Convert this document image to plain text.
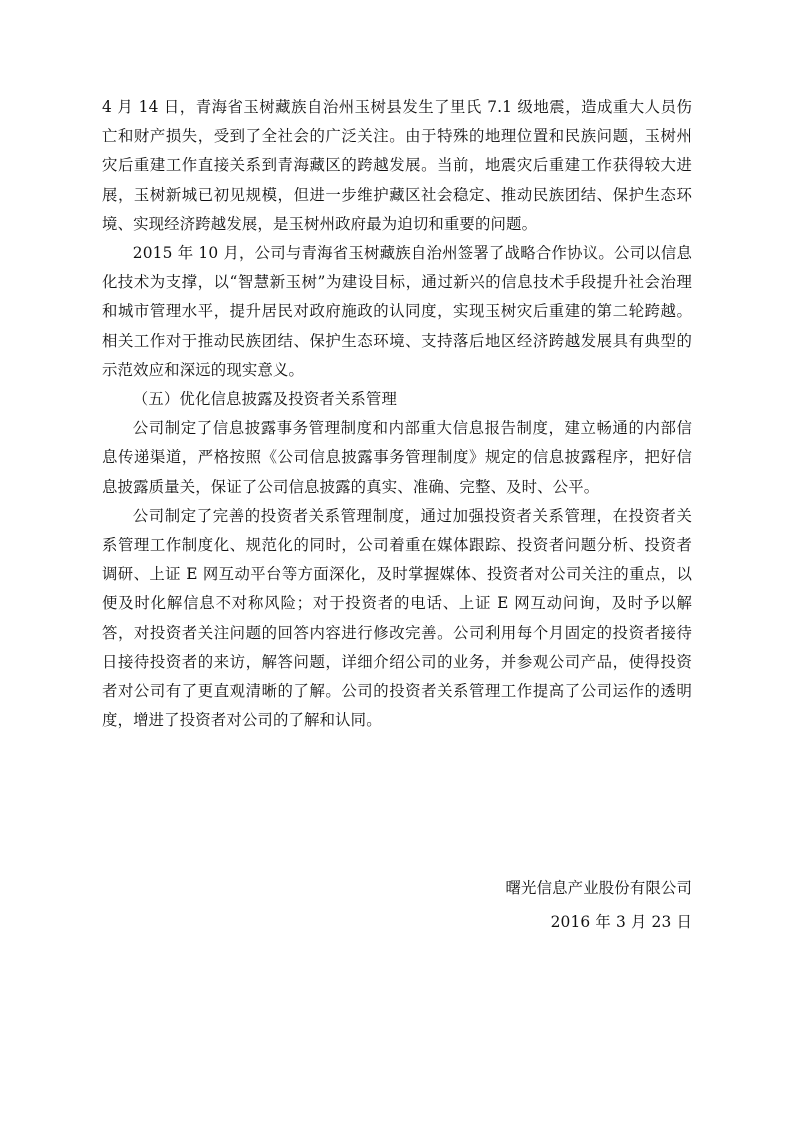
4 月 14 日，青海省玉树藏族自治州玉树县发生了里氏 7.1 级地震，造成重大人员伤亡和财产损失，受到了全社会的广泛关注。由于特殊的地理位置和民族问题，玉树州灾后重建工作直接关系到青海藏区的跨越发展。当前，地震灾后重建工作获得较大进展，玉树新城已初见规模，但进一步维护藏区社会稳定、推动民族团结、保护生态环境、实现经济跨越发展，是玉树州政府最为迫切和重要的问题。

2015 年 10 月，公司与青海省玉树藏族自治州签署了战略合作协议。公司以信息化技术为支撑，以“智慧新玉树”为建设目标，通过新兴的信息技术手段提升社会治理和城市管理水平，提升居民对政府施政的认同度，实现玉树灾后重建的第二轮跨越。相关工作对于推动民族团结、保护生态环境、支持落后地区经济跨越发展具有典型的示范效应和深远的现实意义。

（五）优化信息披露及投资者关系管理

公司制定了信息披露事务管理制度和内部重大信息报告制度，建立畅通的内部信息传递渠道，严格按照《公司信息披露事务管理制度》规定的信息披露程序，把好信息披露质量关，保证了公司信息披露的真实、准确、完整、及时、公平。

公司制定了完善的投资者关系管理制度，通过加强投资者关系管理，在投资者关系管理工作制度化、规范化的同时，公司着重在媒体跟踪、投资者问题分析、投资者调研、上证 E 网互动平台等方面深化，及时掌握媒体、投资者对公司关注的重点，以便及时化解信息不对称风险；对于投资者的电话、上证 E 网互动问询，及时予以解答，对投资者关注问题的回答内容进行修改完善。公司利用每个月固定的投资者接待日接待投资者的来访，解答问题，详细介绍公司的业务，并参观公司产品，使得投资者对公司有了更直观清晰的了解。公司的投资者关系管理工作提高了公司运作的透明度，增进了投资者对公司的了解和认同。

曙光信息产业股份有限公司
2016 年 3 月 23 日
